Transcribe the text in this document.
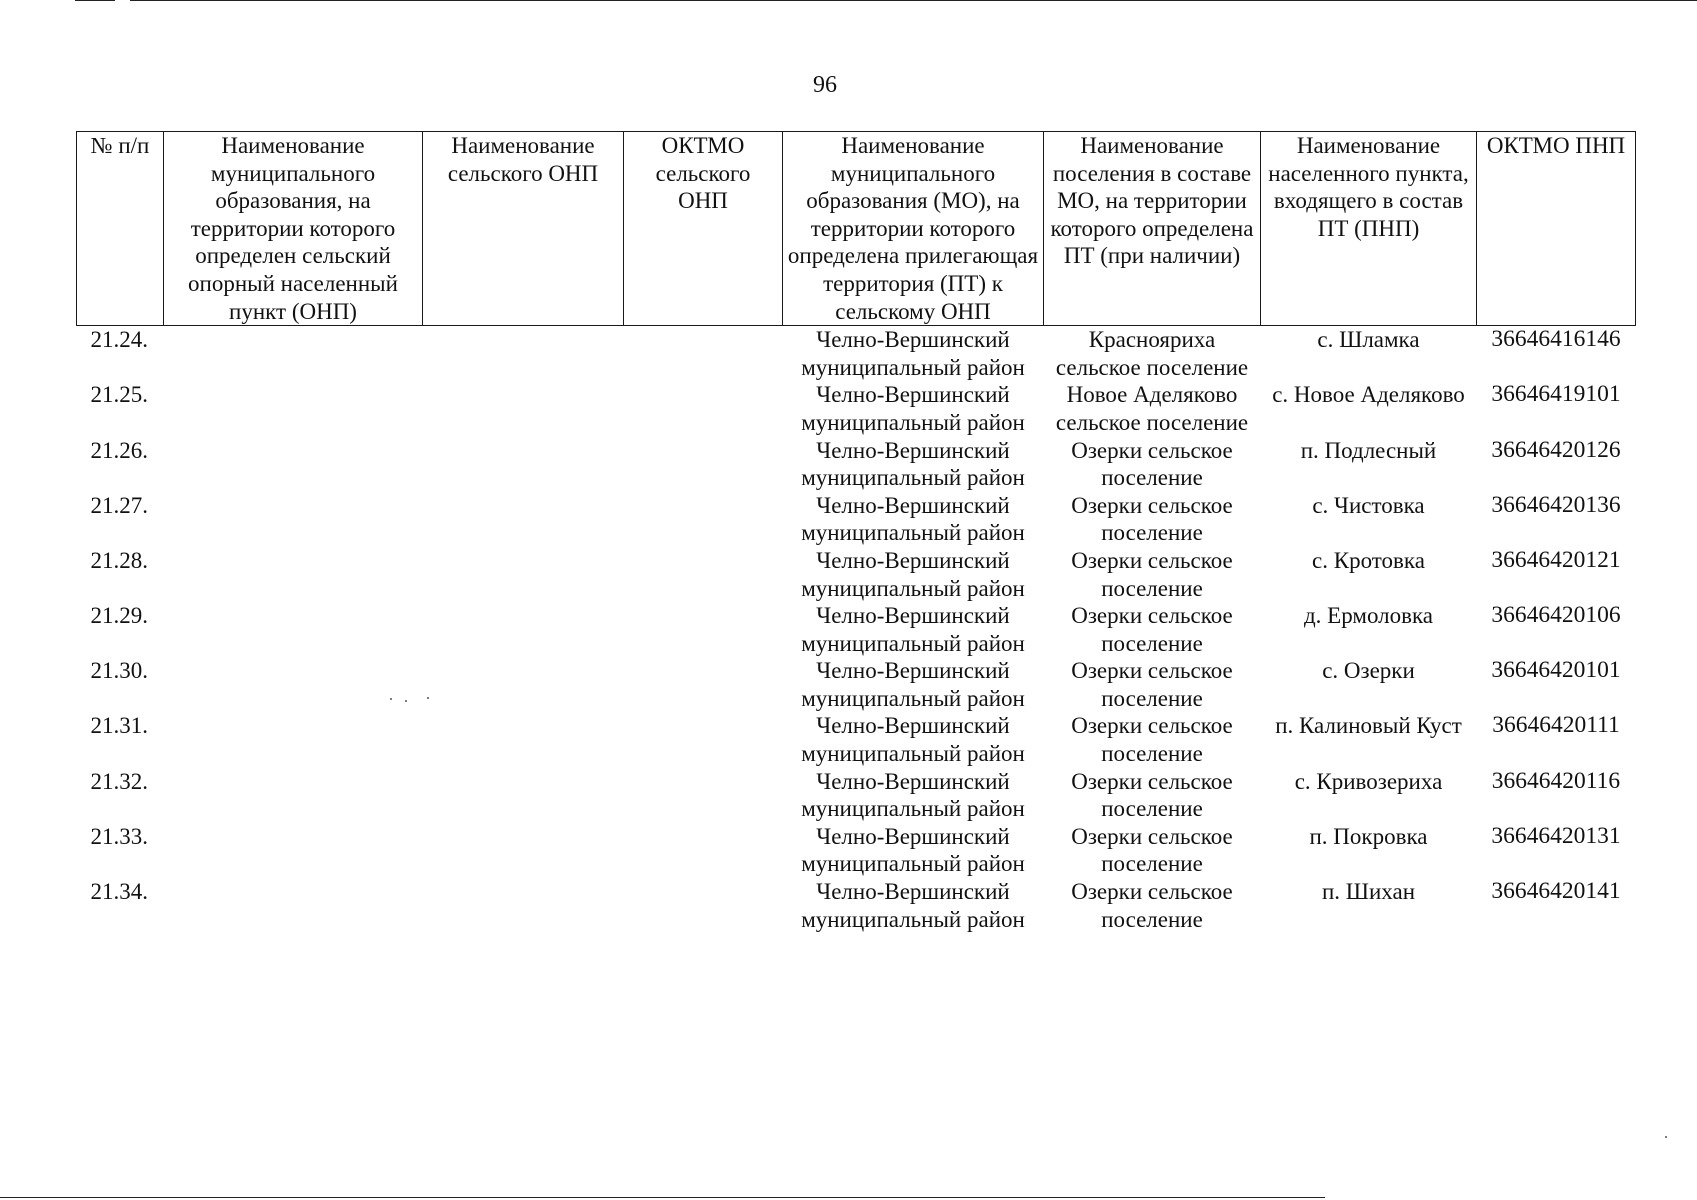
96
№ п/п	Наименование муниципального образования, на территории которого определен сельский опорный населенный пункт (ОНП)	Наименование сельского ОНП	ОКТМО сельского ОНП	Наименование муниципального образования (МО), на территории которого определена прилегающая территория (ПТ) к сельскому ОНП	Наименование поселения в составе МО, на территории которого определена ПТ (при наличии)	Наименование населенного пункта, входящего в состав ПТ (ПНП)	ОКТМО ПНП
21.24.				Челно-Вершинский муниципальный район	Краснояриха сельское поселение	с. Шламка	36646416146
21.25.				Челно-Вершинский муниципальный район	Новое Аделяково сельское поселение	с. Новое Аделяково	36646419101
21.26.				Челно-Вершинский муниципальный район	Озерки сельское поселение	п. Подлесный	36646420126
21.27.				Челно-Вершинский муниципальный район	Озерки сельское поселение	с. Чистовка	36646420136
21.28.				Челно-Вершинский муниципальный район	Озерки сельское поселение	с. Кротовка	36646420121
21.29.				Челно-Вершинский муниципальный район	Озерки сельское поселение	д. Ермоловка	36646420106
21.30.				Челно-Вершинский муниципальный район	Озерки сельское поселение	с. Озерки	36646420101
21.31.				Челно-Вершинский муниципальный район	Озерки сельское поселение	п. Калиновый Куст	36646420111
21.32.				Челно-Вершинский муниципальный район	Озерки сельское поселение	с. Кривозериха	36646420116
21.33.				Челно-Вершинский муниципальный район	Озерки сельское поселение	п. Покровка	36646420131
21.34.				Челно-Вершинский муниципальный район	Озерки сельское поселение	п. Шихан	36646420141
